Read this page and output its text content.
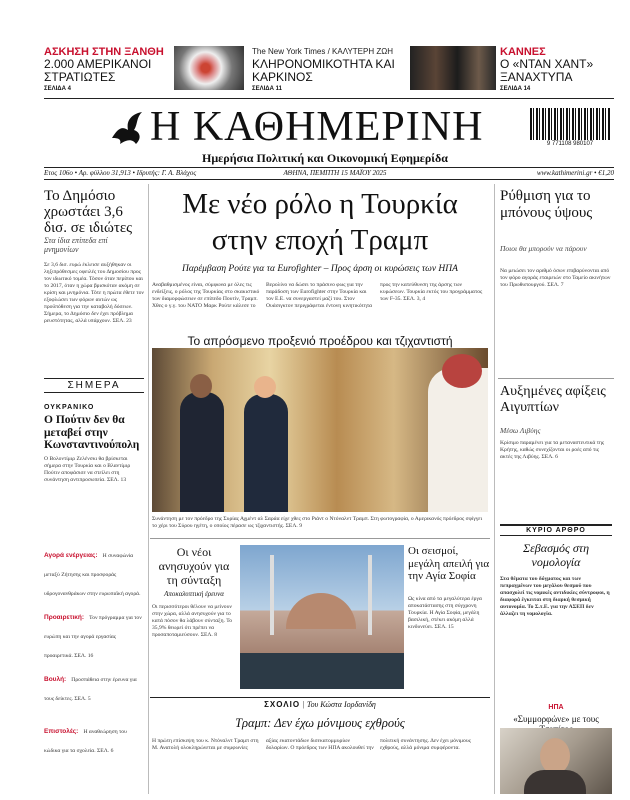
ΑΣΚΗΣΗ ΣΤΗΝ ΞΑΝΘΗ
2.000 ΑΜΕΡΙΚΑΝΟΙ ΣΤΡΑΤΙΩΤΕΣ
ΣΕΛΙΔΑ 4
The New York Times / ΚΑΛΥΤΕΡΗ ΖΩΗ
ΚΛΗΡΟΝΟΜΙΚΟΤΗΤΑ ΚΑΙ ΚΑΡΚΙΝΟΣ
ΣΕΛΙΔΑ 11
ΚΑΝΝΕΣ
Ο «ΝΤΑΝ ΧΑΝΤ» ΞΑΝΑΧΤΥΠΑ
ΣΕΛΙΔΑ 14
Η ΚΑΘΗΜΕΡΙΝΗ	9 771108 980107
Ημερήσια Πολιτική και Οικονομική Εφημερίδα
Ετος 106ο • Αρ. φύλλου 31,913 • Ιδρυτής: Γ. Α. Βλάχος	ΑΘΗΝΑ, ΠΕΜΠΤΗ 15 ΜΑΪΟΥ 2025	www.kathimerini.gr • €1,20
Το Δημόσιο χρωστάει 3,6 δισ. σε ιδιώτες
Στα ίδια επίπεδα επί μνημονίων
Σε 3,6 δισ. ευρώ έκλεισε αυξήθηκαν οι ληξιπρόθεσμες οφειλές του Δημοσίου προς τον ιδιωτικό τομέα. Τόσον όταν περίπου και το 2017, όταν η χώρα βρισκόταν ακόμη σε κρίση και μνημόνια. Τότε η πρώτα έθετε τον εξοφλώσει των φόρων αυτών ως προϋπόθεση για την καταβολή δόσεων. Σήμερα, το Δημόσιο δεν έχει πρόβλημα ρευστότητας, αλλά υπάρχουν. ΣΕΛ. 23
ΣΗΜΕΡΑ
ΟΥΚΡΑΝΙΚΟ
Ο Πούτιν δεν θα μεταβεί στην Κωνσταντινούπολη
Ο Βολοντίμιρ Ζελένσκι θα βρίσκεται σήμερα στην Τουρκία και ο Βλαντίμιρ Πούτιν αποφάσισε να στείλει στη συνάντηση αντιπροσωπεία. ΣΕΛ. 13
Αγορά ενέργειας: Η συναφώνία μεταξύ Ζήτησης και προσφοράς υδρογονανθράκων στην ευρωπαϊκή αγορά.
Προαιρετική: Τον πρόγραμμα για τον ευρώπη και την αγορά εργασίας προαιρετικά. ΣΕΛ. 16
Βουλή: Προσπάθεια στην έρευνα για τους δείκτες. ΣΕΛ. 5
Επιστολές: Η αναθεώρηση του κώδικα για τα σχολεία. ΣΕΛ. 6
Με νέο ρόλο η Τουρκία
στην εποχή Τραμπ
Παρέμβαση Ρούτε για τα Eurofighter – Προς άρση οι κυρώσεις των ΗΠΑ
Αναβαθμισμένος είναι, σύμφωνα με όλες τις ενδείξεις, ο ρόλος της Τουρκίας στο σκακιστικό των διαμορφώσεων σε επίπεδο Πουτίν, Τραμπ. Χθες ο γ.γ. του ΝΑΤΟ Μαρκ Ρούτε κάλεσε το Βερολίνο να δώσει το πράσινο φως για την παράδοση των Eurofighter στην Τουρκία και τον Ε.Ε. να συνεργαστεί μαζί του. Στον Ουάσιγκτον περιγράφεται έντονη κινητικότητα προς την κατεύθυνση της άρσης των κυρώσεων. Τουρκία εκτός του προγράμματος των F-35. ΣΕΛ. 3, 4
Το απρόσμενο προξενιό προέδρου και τζιχαντιστή
Συνάντηση με τον πρόεδρο της Συρίας Αχμέντ αλ Σαράα είχε χθες στο Ριάντ ο Ντόναλντ Τραμπ. Στη φωτογραφία, ο Αμερικανός πρόεδρος σφίγγει το χέρι του Σύρου ηγέτη, ο οποίος πέρασε ως τζιχαντιστής. ΣΕΛ. 9
Οι νέοι ανησυχούν για τη σύνταξη
Αποκαλυπτική έρευνα
Οι περισσότεροι θέλουν να μείνουν στην χώρα, αλλά ανησυχούν για το κατά πόσον θα λάβουν σύνταξη. Το 35,9% θεωρεί ότι πρέπει να προσαποταμιεύσουν. ΣΕΛ. 8
Οι σεισμοί, μεγάλη απειλή για την Αγία Σοφία
Ως κίνα από τα μεγαλύτερα έργα αποκατάστασης στη σύγχρονη Τουρκία. Η Αγία Σοφία, μεγάλη βασιλική, στέκει ακόμη αλλά κινδυνεύει. ΣΕΛ. 15
ΣΧΟΛΙΟ | Του Κώστα Ιορδανίδη
Τραμπ: Δεν έχω μόνιμους εχθρούς
Η πρώτη επίσκεψη του κ. Ντόναλντ Τραμπ στη Μ. Ανατολή ολοκληρώνεται με συμφωνίες αξίας εκατοντάδων δισεκατομμυρίων δολαρίων. Ο πρόεδρος των ΗΠΑ ακολουθεί την πολιτική συνάντησης. Δεν έχει μόνιμους εχθρούς, αλλά μόνιμα συμφέροντα.
Ρύθμιση για το μπόνους ύψους
Ποιοι θα μπορούν να πάρουν
Να μειώσει τον αριθμό όσων επιβαρύνονται από τον φόρο αγοράς εταιρειών στο Ταμείο ακινήτων του Πρωθυπουργού. ΣΕΛ. 7
Αυξημένες αφίξεις Αιγυπτίων
Μέσω Λιβύης
Κρίσιμο παραμένει για τα μεταναστευτικά της Κρήτης, καθώς συνεχίζονται οι ροές από τις ακτές της Λιβύης. ΣΕΛ. 6
ΚΥΡΙΟ ΑΡΘΡΟ
Σεβασμός στη νομολογία
Στα θέματα του δόγματος και των πεπραγμένων του μεγάλου θεσμού που απασχολεί τις νομικές αντιδικίες σύντροφοι, η διαφορά έγκειται στη διαρκή θεσμική αυτονομία. Το Σ.τ.Ε. για την ΑΣΕΠ δεν άλλαζει τη νομολογία.
ΗΠΑ
«Συμμορφώνε» με τους
